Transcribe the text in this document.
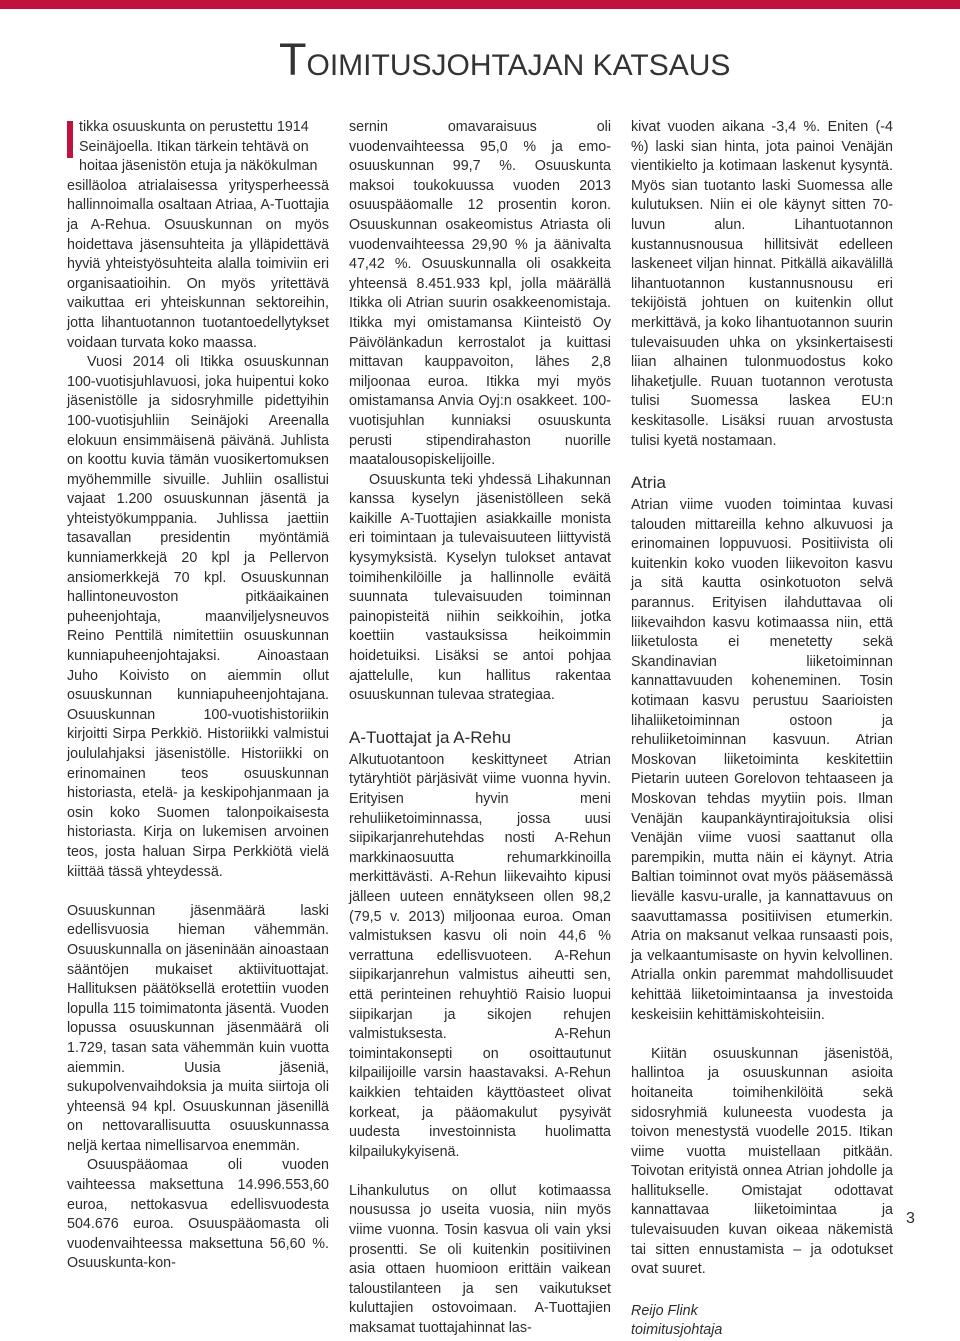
TOIMITUSJOHTAJAN KATSAUS
tikka osuuskunta on perustettu 1914
Seinäjoella. Itikan tärkein tehtävä on
hoitaa jäsenistön etuja ja näkökulman

esilläoloa atrialaisessa yritysperheessä hallinnoimalla osaltaan Atriaa, A-Tuottajia ja A-Rehua. Osuuskunnan on myös hoidettava jäsensuhteita ja ylläpidettävä hyviä yhteistyösuhteita alalla toimiviin eri organisaatioihin. On myös yritettävä vaikuttaa eri yhteiskunnan sektoreihin, jotta lihantuotannon tuotantoedellytykset voidaan turvata koko maassa.

Vuosi 2014 oli Itikka osuuskunnan 100-vuotisjuhlavuosi, joka huipentui koko jäsenistölle ja sidosryhmille pidettyihin 100-vuotisjuhliin Seinäjoki Areenalla elokuun ensimmäisenä päivänä. Juhlista on koottu kuvia tämän vuosikertomuksen myöhemmille sivuille. Juhliin osallistui vajaat 1.200 osuuskunnan jäsentä ja yhteistyökumppania. Juhlissa jaettiin tasavallan presidentin myöntämiä kunniamerkkejä 20 kpl ja Pellervon ansiomerkkejä 70 kpl. Osuuskunnan hallintoneuvoston pitkäaikainen puheenjohtaja, maanviljelysneuvos Reino Penttilä nimitettiin osuuskunnan kunniapuheenjohtajaksi. Ainoastaan Juho Koivisto on aiemmin ollut osuuskunnan kunniapuheenjohtajana. Osuuskunnan 100-vuotishistoriikin kirjoitti Sirpa Perkkiö. Historiikki valmistui joululahjaksi jäsenistölle. Historiikki on erinomainen teos osuuskunnan historiasta, etelä- ja keskipohjanmaan ja osin koko Suomen talonpoikaisesta historiasta. Kirja on lukemisen arvoinen teos, josta haluan Sirpa Perkkiötä vielä kiittää tässä yhteydessä.

Osuuskunnan jäsenmäärä laski edellisvuosia hieman vähemmän. Osuuskunnalla on jäseninään ainoastaan sääntöjen mukaiset aktiivituottajat. Hallituksen päätöksellä erotettiin vuoden lopulla 115 toimimatonta jäsentä. Vuoden lopussa osuuskunnan jäsenmäärä oli 1.729, tasan sata vähemmän kuin vuotta aiemmin. Uusia jäseniä, sukupolvenvaihdoksia ja muita siirtoja oli yhteensä 94 kpl. Osuuskunnan jäsenillä on nettovarallisuutta osuuskunnassa neljä kertaa nimellisarvoa enemmän.

Osuuspääomaa oli vuoden vaihteessa maksettuna 14.996.553,60 euroa, nettokasvua edellisvuodesta 504.676 euroa. Osuuspääomasta oli vuodenvaihteessa maksettuna 56,60 %. Osuuskunta-kon-

sernin omavaraisuus oli vuodenvaihteessa 95,0 % ja emo-osuuskunnan 99,7 %. Osuuskunta maksoi toukokuussa vuoden 2013 osuuspääomalle 12 prosentin koron. Osuuskunnan osakeomistus Atriasta oli vuodenvaihteessa 29,90 % ja äänivalta 47,42 %. Osuuskunnalla oli osakkeita yhteensä 8.451.933 kpl, jolla määrällä Itikka oli Atrian suurin osakkeenomistaja. Itikka myi omistamansa Kiinteistö Oy Päivölänkadun kerrostalot ja kuittasi mittavan kauppavoiton, lähes 2,8 miljoonaa euroa. Itikka myi myös omistamansa Anvia Oyj:n osakkeet. 100-vuotisjuhlan kunniaksi osuuskunta perusti stipendirahaston nuorille maatalousopiskelijoille.

Osuuskunta teki yhdessä Lihakunnan kanssa kyselyn jäsenistölleen sekä kaikille A-Tuottajien asiakkaille monista eri toimintaan ja tulevaisuuteen liittyvistä kysymyksistä. Kyselyn tulokset antavat toimihenkilöille ja hallinnolle eväitä suunnata tulevaisuuden toiminnan painopisteitä niihin seikkoihin, jotka koettiin vastauksissa heikoimmin hoidetuiksi. Lisäksi se antoi pohjaa ajattelulle, kun hallitus rakentaa osuuskunnan tulevaa strategiaa.

A-Tuottajat ja A-Rehu

Alkutuotantoon keskittyneet Atrian tytäryhtiöt pärjäsivät viime vuonna hyvin. Erityisen hyvin meni rehuliiketoiminnassa, jossa uusi siipikarjanrehutehdas nosti A-Rehun markkinaosuutta rehumarkkinoilla merkittävästi. A-Rehun liikevaihto kipusi jälleen uuteen ennätykseen ollen 98,2 (79,5 v. 2013) miljoonaa euroa. Oman valmistuksen kasvu oli noin 44,6 % verrattuna edellisvuoteen. A-Rehun siipikarjanrehun valmistus aiheutti sen, että perinteinen rehuyhtiö Raisio luopui siipikarjan ja sikojen rehujen valmistuksesta. A-Rehun toimintakonsepti on osoittautunut kilpailijoille varsin haastavaksi. A-Rehun kaikkien tehtaiden käyttöasteet olivat korkeat, ja pääomakulut pysyivät uudesta investoinnista huolimatta kilpailukykyisenä.

Lihankulutus on ollut kotimaassa nousussa jo useita vuosia, niin myös viime vuonna. Tosin kasvua oli vain yksi prosentti. Se oli kuitenkin positiivinen asia ottaen huomioon erittäin vaikean taloustilanteen ja sen vaikutukset kuluttajien ostovoimaan. A-Tuottajien maksamat tuottajahinnat las-

kivat vuoden aikana -3,4 %. Eniten (-4 %) laski sian hinta, jota painoi Venäjän vientikielto ja kotimaan laskenut kysyntä. Myös sian tuotanto laski Suomessa alle kulutuksen. Niin ei ole käynyt sitten 70-luvun alun. Lihantuotannon kustannusnousua hillitsivät edelleen laskeneet viljan hinnat. Pitkällä aikavälillä lihantuotannon kustannusnousu eri tekijöistä johtuen on kuitenkin ollut merkittävä, ja koko lihantuotannon suurin tulevaisuuden uhka on yksinkertaisesti liian alhainen tulonmuodostus koko lihaketjulle. Ruuan tuotannon verotusta tulisi Suomessa laskea EU:n keskitasolle. Lisäksi ruuan arvostusta tulisi kyetä nostamaan.

Atria

Atrian viime vuoden toimintaa kuvasi talouden mittareilla kehno alkuvuosi ja erinomainen loppuvuosi. Positiivista oli kuitenkin koko vuoden liikevoiton kasvu ja sitä kautta osinkotuoton selvä parannus. Erityisen ilahduttavaa oli liikevaihdon kasvu kotimaassa niin, että liiketulosta ei menetetty sekä Skandinavian liiketoiminnan kannattavuuden koheneminen. Tosin kotimaan kasvu perustuu Saarioisten lihaliiketoiminnan ostoon ja rehuliiketoiminnan kasvuun. Atrian Moskovan liiketoiminta keskitettiin Pietarin uuteen Gorelovon tehtaaseen ja Moskovan tehdas myytiin pois. Ilman Venäjän kaupankäyntirajoituksia olisi Venäjän viime vuosi saattanut olla parempikin, mutta näin ei käynyt. Atria Baltian toiminnot ovat myös pääsemässä lievälle kasvu-uralle, ja kannattavuus on saavuttamassa positiivisen etumerkin. Atria on maksanut velkaa runsaasti pois, ja velkaantumisaste on hyvin kelvollinen. Atrialla onkin paremmat mahdollisuudet kehittää liiketoimintaansa ja investoida keskeisiin kehittämiskohteisiin.

Kiitän osuuskunnan jäsenistöä, hallintoa ja osuuskunnan asioita hoitaneita toimihenkilöitä sekä sidosryhmiä kuluneesta vuodesta ja toivon menestystä vuodelle 2015. Itikan viime vuotta muistellaan pitkään. Toivotan erityistä onnea Atrian johdolle ja hallitukselle. Omistajat odottavat kannattavaa liiketoimintaa ja tulevaisuuden kuvan oikeaa näkemistä tai sitten ennustamista – ja odotukset ovat suuret.

Reijo Flink
toimitusjohtaja
3
